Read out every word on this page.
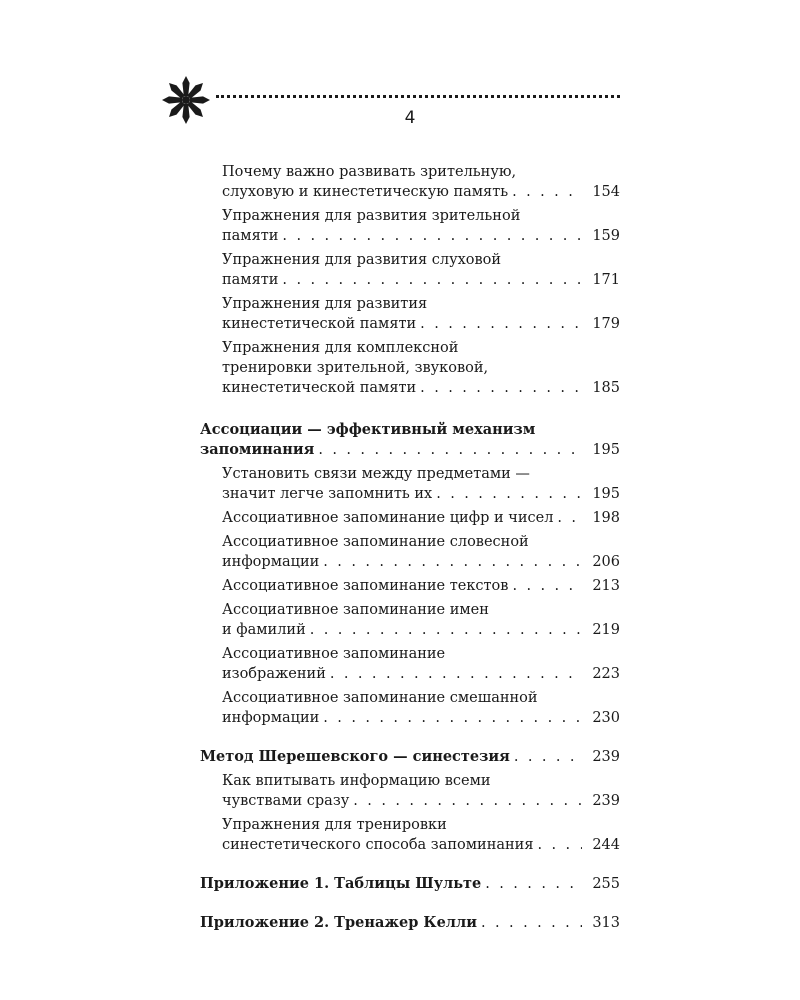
4
Почему важно развивать зрительную,
слуховую и кинестетическую память . . .	154
Упражнения для развития зрительной
памяти . . .	159
Упражнения для развития слуховой
памяти . . .	171
Упражнения для развития
кинестетической памяти . . .	179
Упражнения для комплексной
тренировки зрительной, звуковой,
кинестетической памяти . . .	185
Ассоциации — эффективный механизм
запоминания . . .	195
Установить связи между предметами —
значит легче запомнить их . . .	195
Ассоциативное запоминание цифр и чисел . . .	198
Ассоциативное запоминание словесной
информации . . .	206
Ассоциативное запоминание текстов . . .	213
Ассоциативное запоминание имен
и фамилий . . .	219
Ассоциативное запоминание
изображений . . .	223
Ассоциативное запоминание смешанной
информации . . .	230
Метод Шерешевского — синестезия . . .	239
Как впитывать информацию всеми
чувствами сразу . . .	239
Упражнения для тренировки
синестетического способа запоминания . . .	244
Приложение 1. Таблицы Шульте . . .	255
Приложение 2. Тренажер Келли . . .	313
